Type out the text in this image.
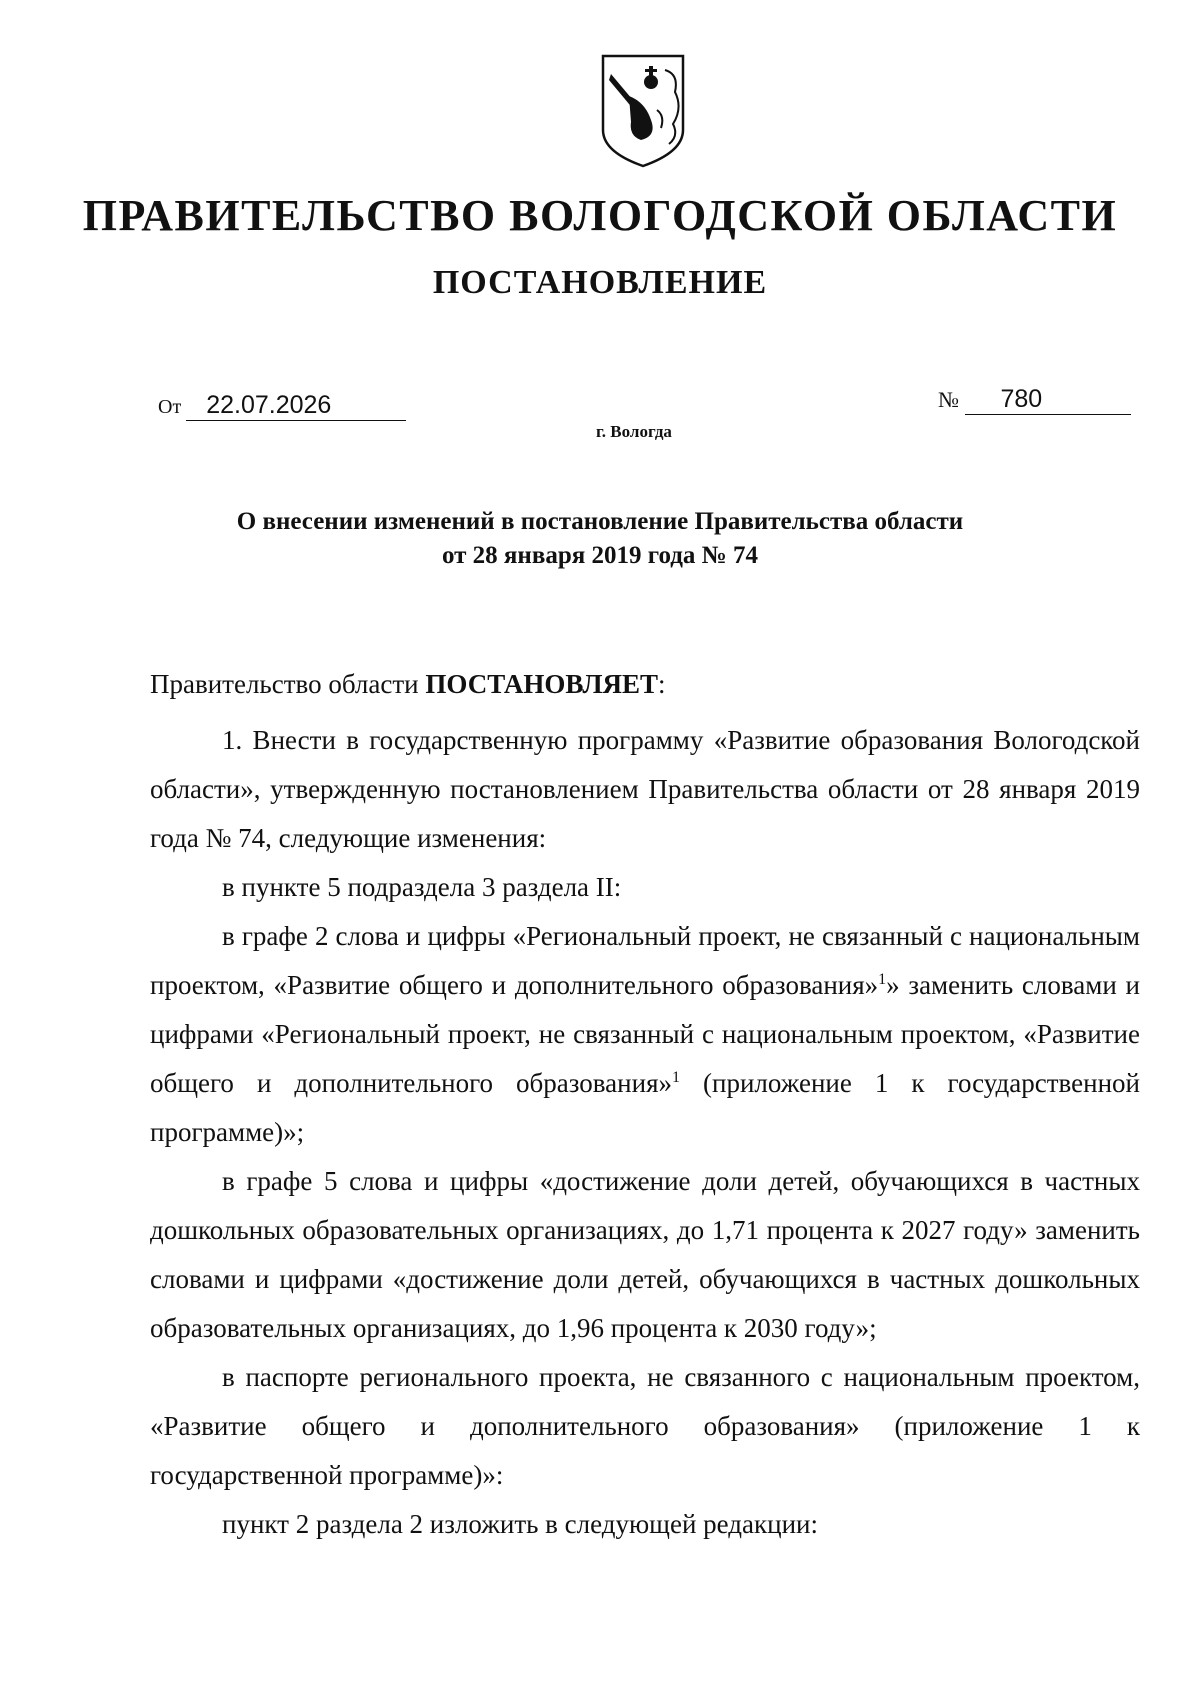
ПРАВИТЕЛЬСТВО ВОЛОГОДСКОЙ ОБЛАСТИ
ПОСТАНОВЛЕНИЕ
От 22.07.2026	№ 780
г. Вологда
О внесении изменений в постановление Правительства области
от 28 января 2019 года № 74

Правительство области ПОСТАНОВЛЯЕТ:

1. Внести в государственную программу «Развитие образования Вологодской области», утвержденную постановлением Правительства области от 28 января 2019 года № 74, следующие изменения:

в пункте 5 подраздела 3 раздела II:

в графе 2 слова и цифры «Региональный проект, не связанный с национальным проектом, «Развитие общего и дополнительного образования»$^1$» заменить словами и цифрами «Региональный проект, не связанный с национальным проектом, «Развитие общего и дополнительного образования»$^1$ (приложение 1 к государственной программе)»;

в графе 5 слова и цифры «достижение доли детей, обучающихся в частных дошкольных образовательных организациях, до 1,71 процента к 2027 году» заменить словами и цифрами «достижение доли детей, обучающихся в частных дошкольных образовательных организациях, до 1,96 процента к 2030 году»;

в паспорте регионального проекта, не связанного с национальным проектом, «Развитие общего и дополнительного образования» (приложение 1 к государственной программе)»:

пункт 2 раздела 2 изложить в следующей редакции:
